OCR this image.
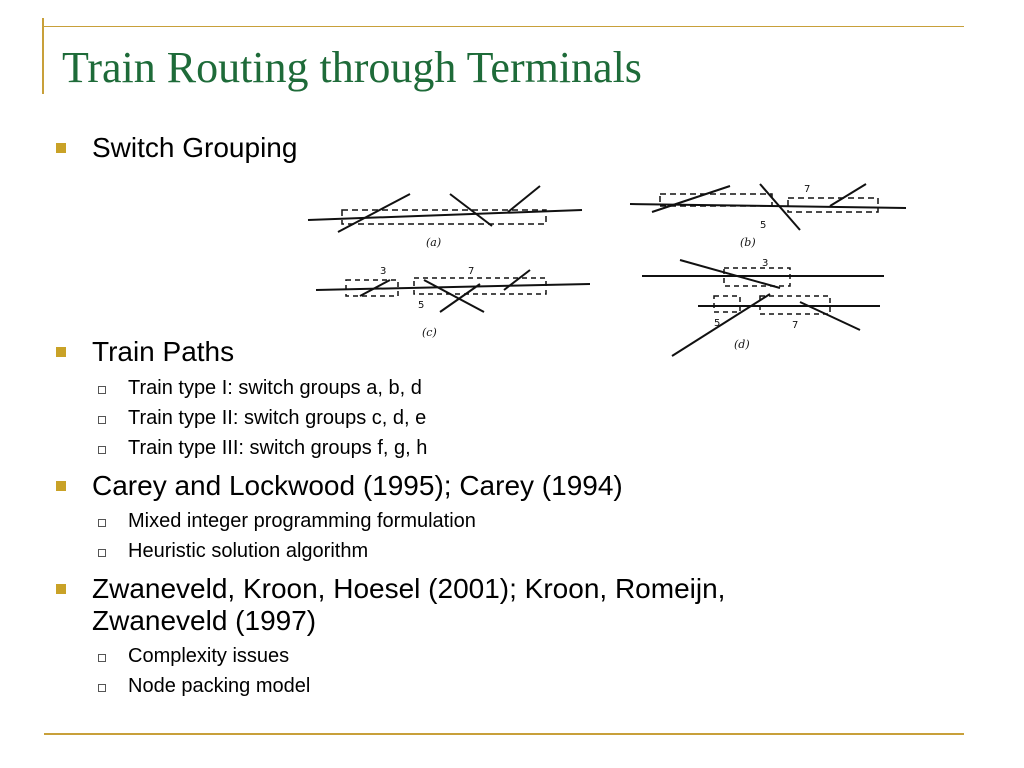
Train Routing through Terminals
Switch Grouping
(a)	(b)
(c)
(d)
7
5
3	7
5
3
5	7
Train Paths
Train type I: switch groups a, b, d
Train type II: switch groups c, d, e
Train type III: switch groups f, g, h
Carey and Lockwood (1995); Carey (1994)
Mixed integer programming formulation
Heuristic solution algorithm
Zwaneveld, Kroon, Hoesel (2001); Kroon, Romeijn,
Zwaneveld (1997)
Complexity issues
Node packing model
